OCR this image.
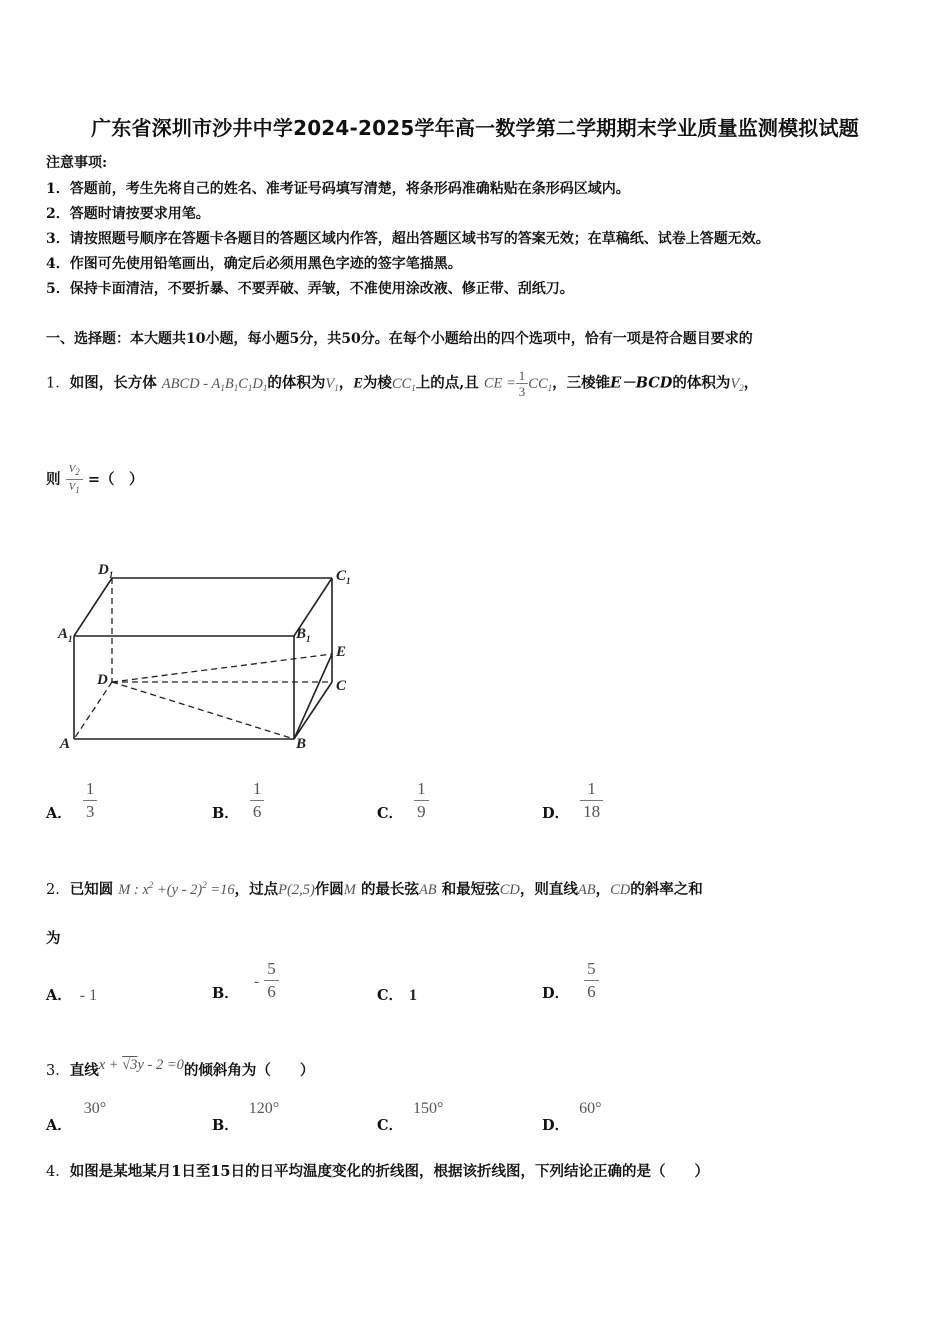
广东省深圳市沙井中学2024-2025学年高一数学第二学期期末学业质量监测模拟试题
注意事项:
1．答题前，考生先将自己的姓名、准考证号码填写清楚，将条形码准确粘贴在条形码区域内。
2．答题时请按要求用笔。
3．请按照题号顺序在答题卡各题目的答题区域内作答，超出答题区域书写的答案无效；在草稿纸、试卷上答题无效。
4．作图可先使用铅笔画出，确定后必须用黑色字迹的签字笔描黑。
5．保持卡面清洁，不要折暴、不要弄破、弄皱，不准使用涂改液、修正带、刮纸刀。
一、选择题：本大题共10小题，每小题5分，共50分。在每个小题给出的四个选项中，恰有一项是符合题目要求的
1．如图，长方体 ABCD - $A_1B_1C_1D_1$的体积为$V_1$，E为棱$CC_1$上的点,且 CE = $\frac{1}{3} CC_1$，三棱锥E－BCD的体积为$V_2$，
则 $\frac{V_2}{V_1}$ =（　）
$D_1$	$C_1$
$A_1$	$B_1$
E
D	C
A	B
A． $\frac{1}{3}$	B． $\frac{1}{6}$	C． $\frac{1}{9}$	D． $\frac{1}{18}$
2．已知圆 M : $x^2 +(y - 2)^2 =16$，过点P(2,5)作圆M 的最长弦AB 和最短弦CD，则直线AB，CD的斜率之和
为
A． - 1	B． - $\frac{5}{6}$	C． 1	D． $\frac{5}{6}$
3．直线x + √3y - 2 =0的倾斜角为（　　）
A．30°
B．120°
C．150°
D．60°
4．如图是某地某月1日至15日的日平均温度变化的折线图，根据该折线图，下列结论正确的是（　　）
